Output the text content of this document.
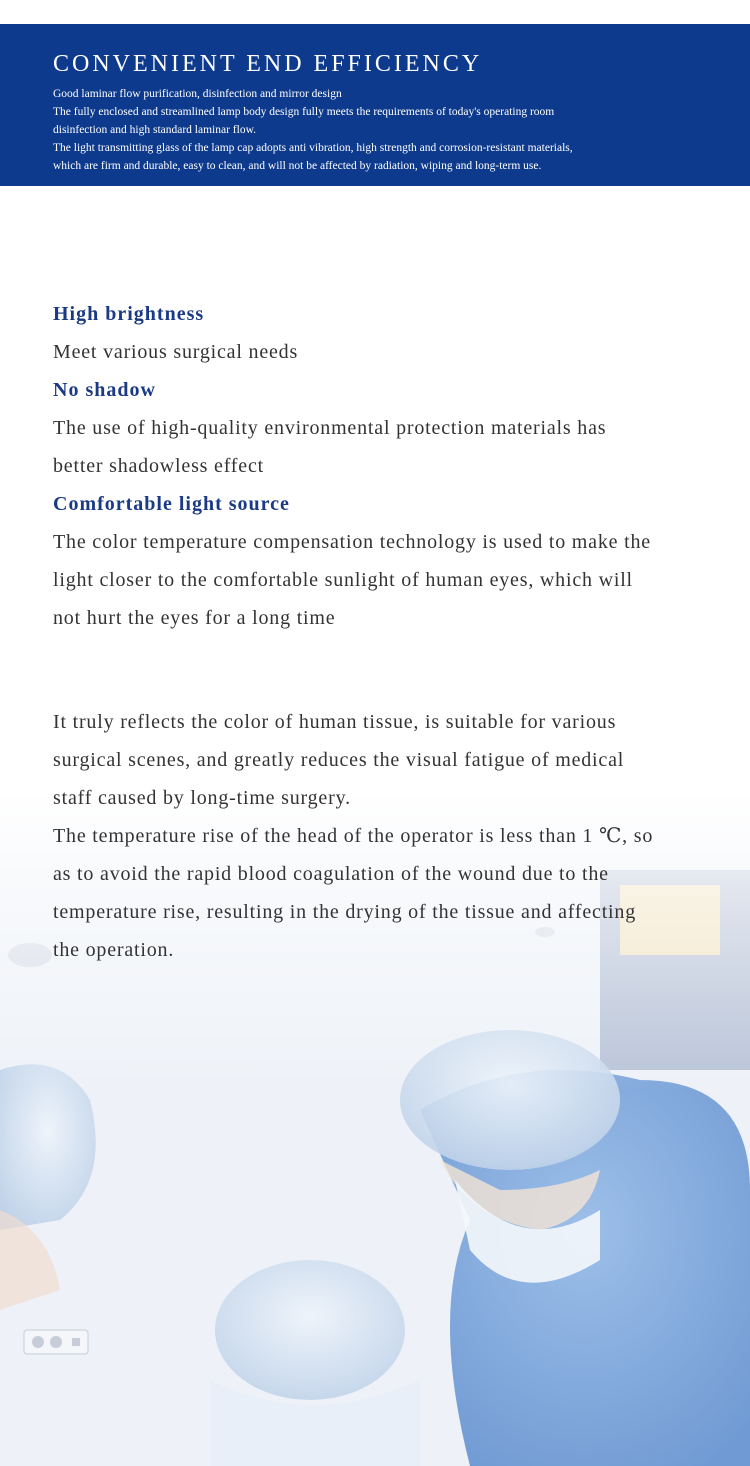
CONVENIENT END EFFICIENCY

Good laminar flow purification, disinfection and mirror design

The fully enclosed and streamlined lamp body design fully meets the requirements of today's operating room

disinfection and high standard laminar flow.

The light transmitting glass of the lamp cap adopts anti vibration, high strength and corrosion-resistant materials,

which are firm and durable, easy to clean, and will not be affected by radiation, wiping and long-term use.

High brightness

Meet various surgical needs

No shadow

The use of high-quality environmental protection materials has

better shadowless effect

Comfortable light source

The color temperature compensation technology is used to make the

light closer to the comfortable sunlight of human eyes, which will

not hurt the eyes for a long time

It truly reflects the color of human tissue, is suitable for various

surgical scenes, and greatly reduces the visual fatigue of medical

staff caused by long-time surgery.

The temperature rise of the head of the operator is less than 1 ℃, so

as to avoid the rapid blood coagulation of the wound due to the

temperature rise, resulting in the drying of the tissue and affecting

the operation.
